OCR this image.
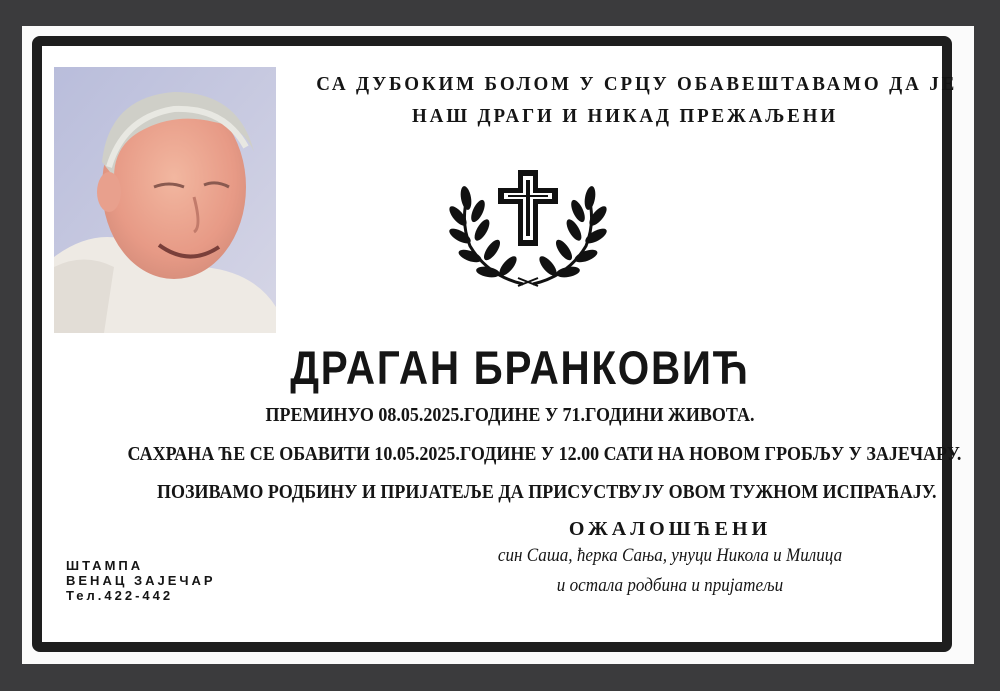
СА ДУБОКИМ БОЛОМ У СРЦУ ОБАВЕШТАВАМО ДА ЈЕ
НАШ ДРАГИ И НИКАД ПРЕЖАЉЕНИ
ДРАГАН БРАНКОВИЋ
ПРЕМИНУО 08.05.2025.ГОДИНЕ У 71.ГОДИНИ ЖИВОТА.
САХРАНА ЋЕ СЕ ОБАВИТИ 10.05.2025.ГОДИНЕ У 12.00 САТИ НА НОВОМ ГРОБЉУ У ЗАЈЕЧАРУ.
ПОЗИВАМО РОДБИНУ И ПРИЈАТЕЉЕ ДА ПРИСУСТВУЈУ ОВОМ ТУЖНОМ ИСПРАЋАЈУ.
ОЖАЛОШЋЕНИ
син Саша, ћерка Сања, унуци Никола и Милица
и остала родбина и пријатељи
ШТАМПА
ВЕНАЦ ЗАЈЕЧАР
Тел.422-442
